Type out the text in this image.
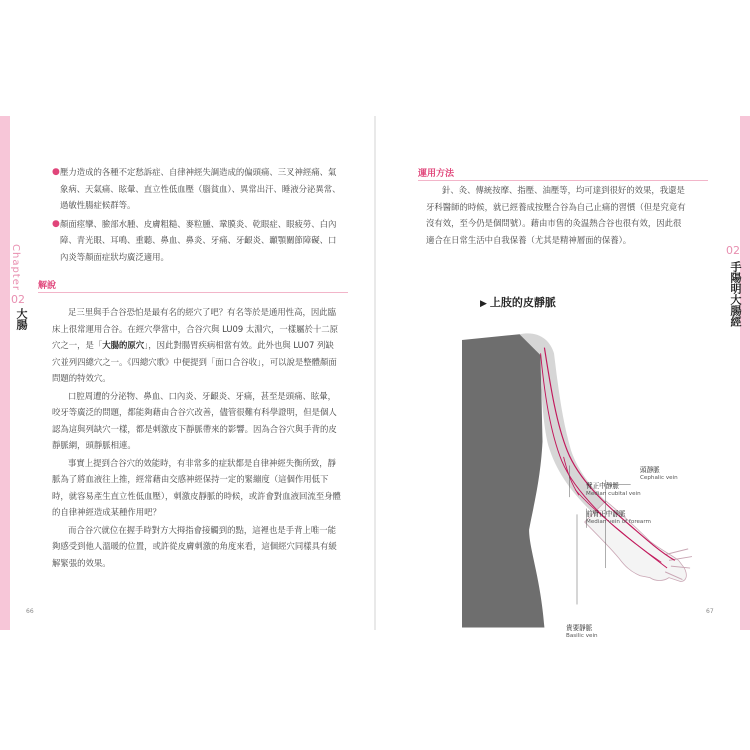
Chapter
02
大腸
02
手陽明大腸經
● 壓力造成的各種不定愁訴症、自律神經失調造成的偏頭痛、三叉神經痛、氣象病、天氣痛、眩暈、直立性低血壓（腦貧血）、異常出汗、睡液分泌異常、過敏性腸症候群等。
● 顏面痙攣、臉部水腫、皮膚粗糙、麥粒腫、鞏膜炎、乾眼症、眼疲勞、白內障、青光眼、耳鳴、重聽、鼻血、鼻炎、牙痛、牙齦炎、顳顎關節障礙、口內炎等顏面症狀均廣泛適用。
解說

足三里與手合谷恐怕是最有名的經穴了吧？有名等於是通用性高，因此臨床上很常運用合谷。在經穴學當中，合谷穴與 LU09 太淵穴，一樣屬於十二原穴之一，是「大腸的原穴」，因此對腸胃疾病相當有效。此外也與 LU07 列缺穴並列四總穴之一。《四總穴歌》中便提到「面口合谷收」，可以說是整體顏面問題的特效穴。

口腔周遭的分泌物、鼻血、口內炎、牙齦炎、牙痛，甚至是頭痛、眩暈，咬牙等廣泛的問題，都能夠藉由合谷穴改善，儘管很難有科學證明，但是個人認為這與列缺穴一樣，都是刺激皮下靜脈帶來的影響。因為合谷穴與手背的皮靜脈網，頭靜脈相連。

事實上提到合谷穴的效能時，有非常多的症狀都是自律神經失衡所致，靜脈為了將血液往上推，經常藉由交感神經保持一定的緊繃度（這個作用低下時，就容易產生直立性低血壓），刺激皮靜脈的時候，或許會對血液回流至身體的自律神經造成某種作用吧？

而合谷穴就位在握手時對方大拇指會接觸到的點，這裡也是手背上唯一能夠感受到他人溫暖的位置，或許從皮膚刺激的角度來看，這個經穴同樣具有緩解緊張的效果。

66
運用方法

針、灸、傳統按摩、指壓、油壓等，均可達到很好的效果，我還是牙科醫師的時候，就已經養成按壓合谷為自己止痛的習慣（但是究竟有沒有效，至今仍是個問號）。藉由市售的灸温熱合谷也很有效，因此很適合在日常生活中自我保養（尤其是精神層面的保養）。

▶ 上肢的皮靜脈
頭靜脈
Cephalic vein
臂正中靜脈
Median cubital vein
前臂正中靜脈
Median vein of forearm
貴要靜脈
Basilic vein
67
